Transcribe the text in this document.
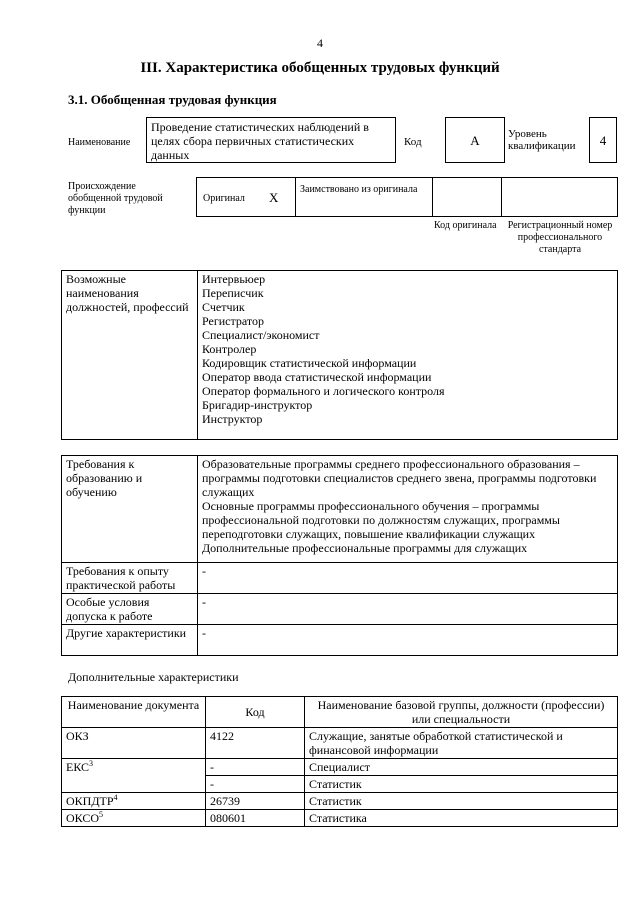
4
III. Характеристика обобщенных трудовых функций
3.1. Обобщенная трудовая функция
Наименование
Проведение статистических наблюдений в целях сбора первичных статистических данных
Код	А	Уровень квалификации	4
Происхождение обобщенной трудовой функции
Оригинал X
Заимствовано из оригинала
Код оригинала	Регистрационный номер профессионального стандарта
Возможные наименования должностей, профессий	
Интервьюер
Переписчик
Счетчик
Регистратор
Специалист/экономист
Контролер
Кодировщик статистической информации
Оператор ввода статистической информации
Оператор формального и логического контроля
Бригадир-инструктор
Инструктор
Требования к образованию и обучению	Образовательные программы среднего профессионального образования – программы подготовки специалистов среднего звена, программы подготовки служащих
Основные программы профессионального обучения – программы профессиональной подготовки по должностям служащих, программы переподготовки служащих, повышение квалификации служащих
Дополнительные профессиональные программы для служащих

Требования к опыту практической работы	-
Особые условия допуска к работе	-
Другие характеристики	-
Дополнительные характеристики
Наименование документа	Код	Наименование базовой группы, должности (профессии) или специальности
ОКЗ	4122	Служащие, занятые обработкой статистической и финансовой информации
ЕКС$^3$	-	Специалист
	-	Статистик
ОКПДТР$^4$	26739	Статистик
ОКСО$^5$	080601	Статистика
